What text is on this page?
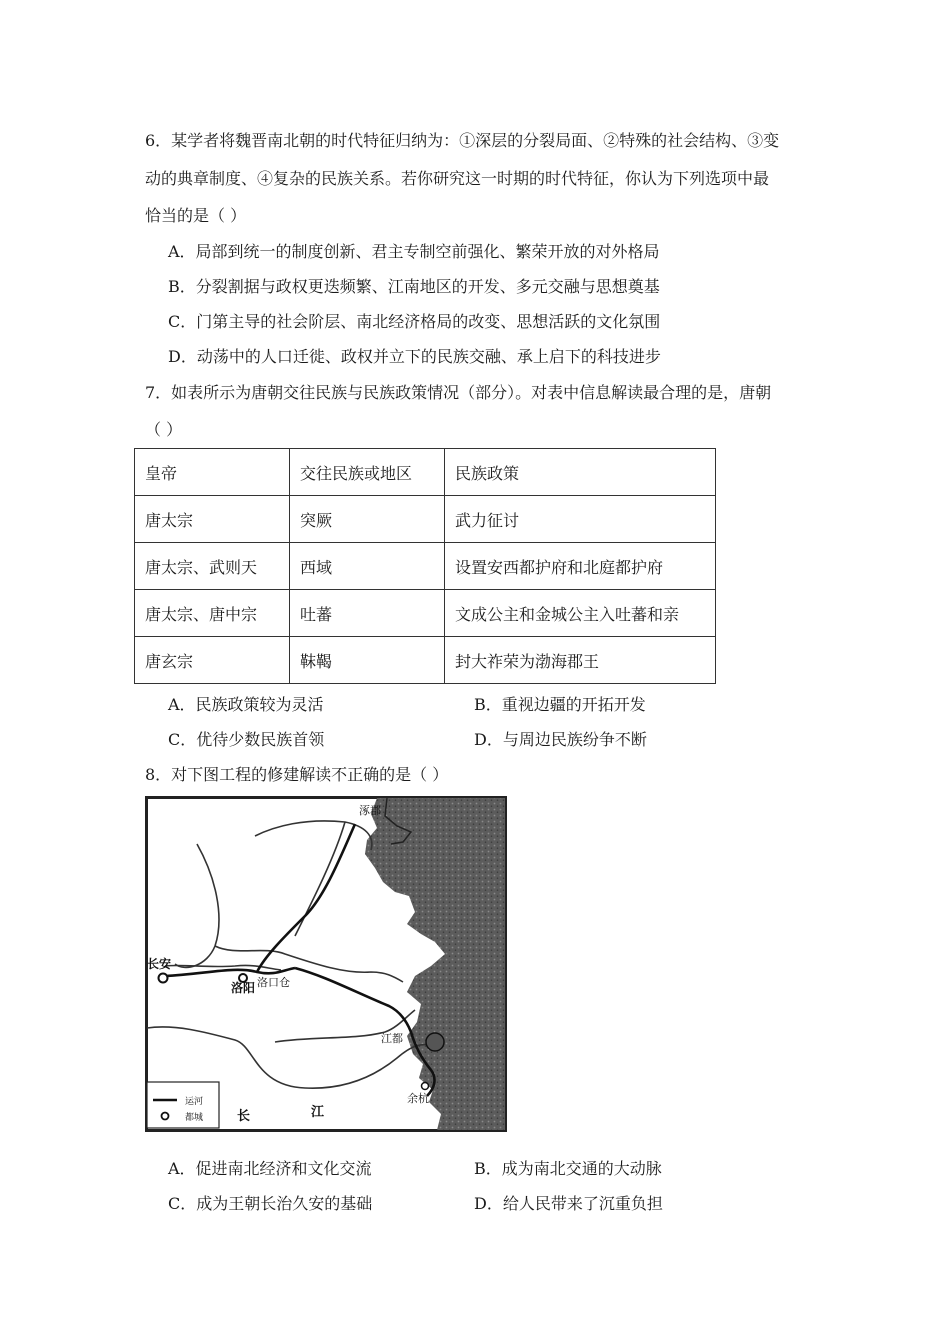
6．某学者将魏晋南北朝的时代特征归纳为：①深层的分裂局面、②特殊的社会结构、③变
动的典章制度、④复杂的民族关系。若你研究这一时期的时代特征，你认为下列选项中最
恰当的是（ ）
A．局部到统一的制度创新、君主专制空前强化、繁荣开放的对外格局
B．分裂割据与政权更迭频繁、江南地区的开发、多元交融与思想奠基
C．门第主导的社会阶层、南北经济格局的改变、思想活跃的文化氛围
D．动荡中的人口迁徙、政权并立下的民族交融、承上启下的科技进步
7．如表所示为唐朝交往民族与民族政策情况（部分）。对表中信息解读最合理的是，唐朝
（ ）
皇帝	交往民族或地区	民族政策
唐太宗	突厥	武力征讨
唐太宗、武则天	西域	设置安西都护府和北庭都护府
唐太宗、唐中宗	吐蕃	文成公主和金城公主入吐蕃和亲
唐玄宗	靺鞨	封大祚荣为渤海郡王
A．民族政策较为灵活	B．重视边疆的开拓开发
C．优待少数民族首领	D．与周边民族纷争不断
8．对下图工程的修建解读不正确的是（ ）
涿郡
长安
洛阳 洛口仓
江都
余杭
长	江
运河
都城
A．促进南北经济和文化交流	B．成为南北交通的大动脉
C．成为王朝长治久安的基础	D．给人民带来了沉重负担
